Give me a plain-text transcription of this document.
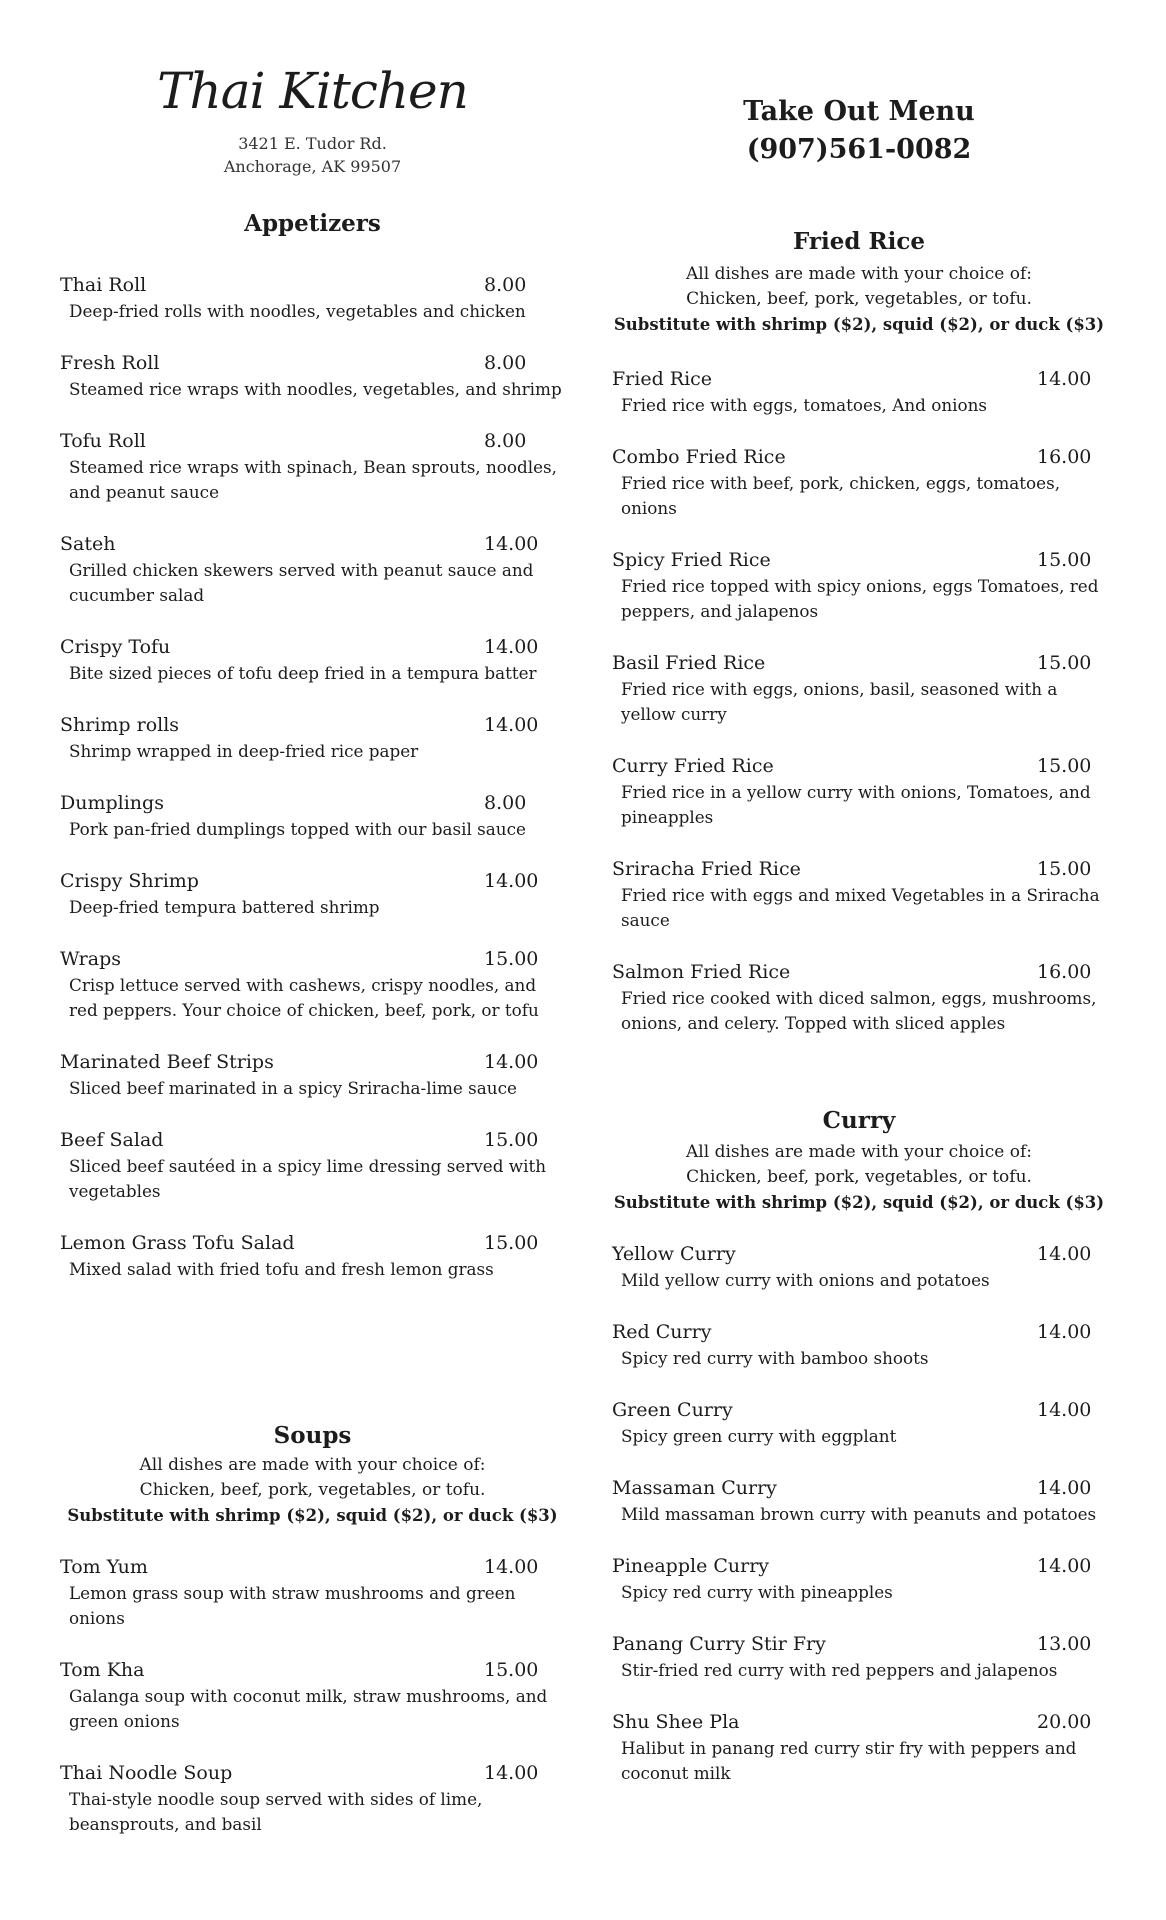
Thai Kitchen
3421 E. Tudor Rd.
Anchorage, AK 99507
Appetizers
Thai Roll	8.00
Deep-fried rolls with noodles, vegetables and chicken
Fresh Roll	8.00
Steamed rice wraps with noodles, vegetables, and shrimp
Tofu Roll	8.00
Steamed rice wraps with spinach, Bean sprouts, noodles, and peanut sauce
Sateh	14.00
Grilled chicken skewers served with peanut sauce and cucumber salad
Crispy Tofu	14.00
Bite sized pieces of tofu deep fried in a tempura batter
Shrimp rolls	14.00
Shrimp wrapped in deep-fried rice paper
Dumplings	8.00
Pork pan-fried dumplings topped with our basil sauce
Crispy Shrimp	14.00
Deep-fried tempura battered shrimp
Wraps	15.00
Crisp lettuce served with cashews, crispy noodles, and red peppers. Your choice of chicken, beef, pork, or tofu
Marinated Beef Strips	14.00
Sliced beef marinated in a spicy Sriracha-lime sauce
Beef Salad	15.00
Sliced beef sautéed in a spicy lime dressing served with vegetables
Lemon Grass Tofu Salad	15.00
Mixed salad with fried tofu and fresh lemon grass
Soups
All dishes are made with your choice of:
Chicken, beef, pork, vegetables, or tofu.
Substitute with shrimp ($2), squid ($2), or duck ($3)
Tom Yum	14.00
Lemon grass soup with straw mushrooms and green onions
Tom Kha	15.00
Galanga soup with coconut milk, straw mushrooms, and green onions
Thai Noodle Soup	14.00
Thai-style noodle soup served with sides of lime, beansprouts, and basil
Take Out Menu
(907)561-0082
Fried Rice
All dishes are made with your choice of:
Chicken, beef, pork, vegetables, or tofu.
Substitute with shrimp ($2), squid ($2), or duck ($3)
Fried Rice	14.00
Fried rice with eggs, tomatoes, And onions
Combo Fried Rice	16.00
Fried rice with beef, pork, chicken, eggs, tomatoes, onions
Spicy Fried Rice	15.00
Fried rice topped with spicy onions, eggs Tomatoes, red peppers, and jalapenos
Basil Fried Rice	15.00
Fried rice with eggs, onions, basil, seasoned with a yellow curry
Curry Fried Rice	15.00
Fried rice in a yellow curry with onions, Tomatoes, and pineapples
Sriracha Fried Rice	15.00
Fried rice with eggs and mixed Vegetables in a Sriracha sauce
Salmon Fried Rice	16.00
Fried rice cooked with diced salmon, eggs, mushrooms, onions, and celery. Topped with sliced apples
Curry
All dishes are made with your choice of:
Chicken, beef, pork, vegetables, or tofu.
Substitute with shrimp ($2), squid ($2), or duck ($3)
Yellow Curry	14.00
Mild yellow curry with onions and potatoes
Red Curry	14.00
Spicy red curry with bamboo shoots
Green Curry	14.00
Spicy green curry with eggplant
Massaman Curry	14.00
Mild massaman brown curry with peanuts and potatoes
Pineapple Curry	14.00
Spicy red curry with pineapples
Panang Curry Stir Fry	13.00
Stir-fried red curry with red peppers and jalapenos
Shu Shee Pla	20.00
Halibut in panang red curry stir fry with peppers and coconut milk
